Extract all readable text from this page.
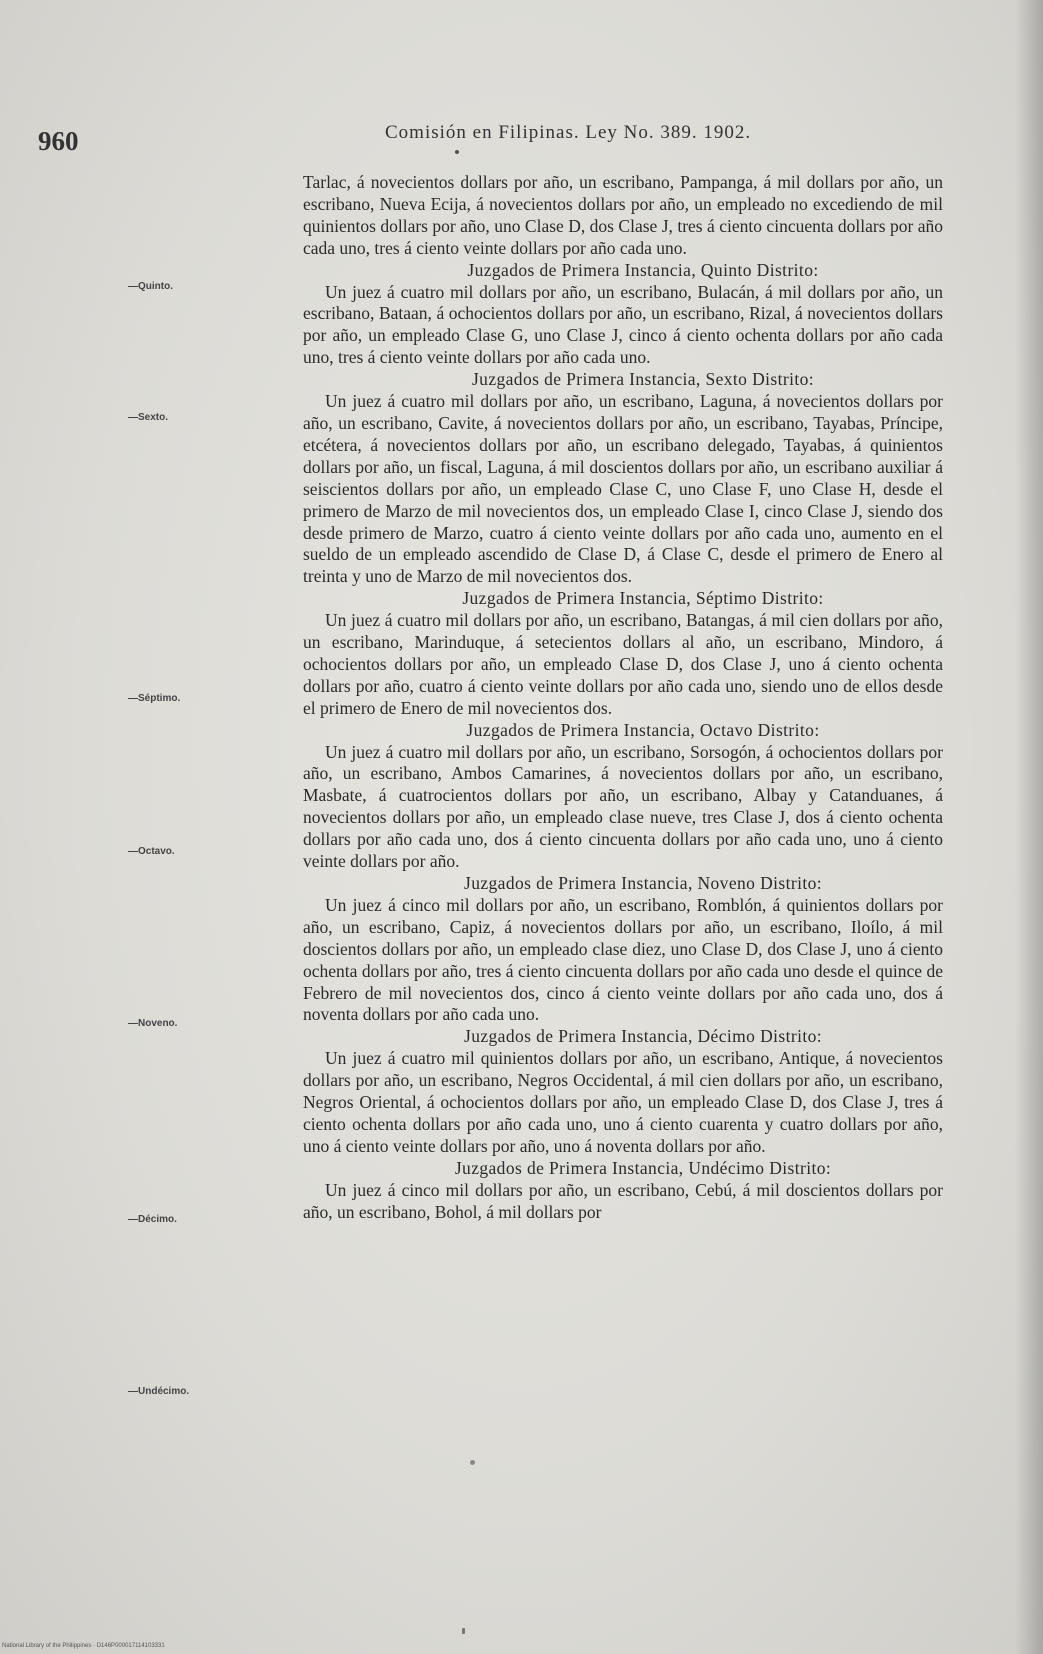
960	Comisión en Filipinas. Ley No. 389. 1902.
—Quinto.
—Sexto.
—Séptimo.
—Octavo.
—Noveno.
—Décimo.
—Undécimo.

Tarlac, á novecientos dollars por año, un escribano, Pampanga, á mil dollars por año, un escribano, Nueva Ecija, á novecientos dollars por año, un empleado no excediendo de mil quinientos dollars por año, uno Clase D, dos Clase J, tres á ciento cincuenta dollars por año cada uno, tres á ciento veinte dollars por año cada uno.

Juzgados de Primera Instancia, Quinto Distrito:

Un juez á cuatro mil dollars por año, un escribano, Bulacán, á mil dollars por año, un escribano, Bataan, á ochocientos dollars por año, un escribano, Rizal, á novecientos dollars por año, un empleado Clase G, uno Clase J, cinco á ciento ochenta dollars por año cada uno, tres á ciento veinte dollars por año cada uno.

Juzgados de Primera Instancia, Sexto Distrito:

Un juez á cuatro mil dollars por año, un escribano, Laguna, á novecientos dollars por año, un escribano, Cavite, á novecientos dollars por año, un escribano, Tayabas, Príncipe, etcétera, á novecientos dollars por año, un escribano delegado, Tayabas, á quinientos dollars por año, un fiscal, Laguna, á mil doscientos dollars por año, un escribano auxiliar á seiscientos dollars por año, un empleado Clase C, uno Clase F, uno Clase H, desde el primero de Marzo de mil novecientos dos, un empleado Clase I, cinco Clase J, siendo dos desde primero de Marzo, cuatro á ciento veinte dollars por año cada uno, aumento en el sueldo de un empleado ascendido de Clase D, á Clase C, desde el primero de Enero al treinta y uno de Marzo de mil novecientos dos.

Juzgados de Primera Instancia, Séptimo Distrito:

Un juez á cuatro mil dollars por año, un escribano, Batangas, á mil cien dollars por año, un escribano, Marinduque, á setecientos dollars al año, un escribano, Mindoro, á ochocientos dollars por año, un empleado Clase D, dos Clase J, uno á ciento ochenta dollars por año, cuatro á ciento veinte dollars por año cada uno, siendo uno de ellos desde el primero de Enero de mil novecientos dos.

Juzgados de Primera Instancia, Octavo Distrito:

Un juez á cuatro mil dollars por año, un escribano, Sorsogón, á ochocientos dollars por año, un escribano, Ambos Camarines, á novecientos dollars por año, un escribano, Masbate, á cuatrocientos dollars por año, un escribano, Albay y Catanduanes, á novecientos dollars por año, un empleado clase nueve, tres Clase J, dos á ciento ochenta dollars por año cada uno, dos á ciento cincuenta dollars por año cada uno, uno á ciento veinte dollars por año.

Juzgados de Primera Instancia, Noveno Distrito:

Un juez á cinco mil dollars por año, un escribano, Romblón, á quinientos dollars por año, un escribano, Capiz, á novecientos dollars por año, un escribano, Iloílo, á mil doscientos dollars por año, un empleado clase diez, uno Clase D, dos Clase J, uno á ciento ochenta dollars por año, tres á ciento cincuenta dollars por año cada uno desde el quince de Febrero de mil novecientos dos, cinco á ciento veinte dollars por año cada uno, dos á noventa dollars por año cada uno.

Juzgados de Primera Instancia, Décimo Distrito:

Un juez á cuatro mil quinientos dollars por año, un escribano, Antique, á novecientos dollars por año, un escribano, Negros Occidental, á mil cien dollars por año, un escribano, Negros Oriental, á ochocientos dollars por año, un empleado Clase D, dos Clase J, tres á ciento ochenta dollars por año cada uno, uno á ciento cuarenta y cuatro dollars por año, uno á ciento veinte dollars por año, uno á noventa dollars por año.

Juzgados de Primera Instancia, Undécimo Distrito:

Un juez á cinco mil dollars por año, un escribano, Cebú, á mil doscientos dollars por año, un escribano, Bohol, á mil dollars por

National Library of the Philippines · D146P000017114103331
